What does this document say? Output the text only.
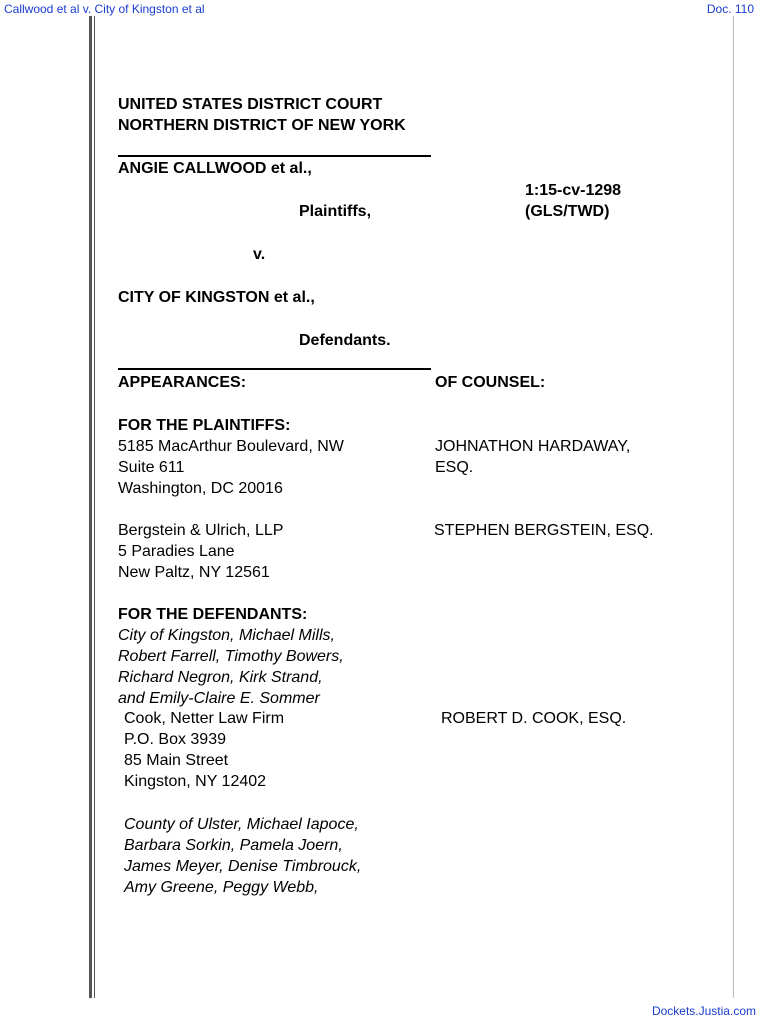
Callwood et al v. City of Kingston et al	Doc. 110
UNITED STATES DISTRICT COURT
NORTHERN DISTRICT OF NEW YORK
ANGIE CALLWOOD et al.,
1:15-cv-1298
Plaintiffs,	(GLS/TWD)
v.
CITY OF KINGSTON et al.,
Defendants.
APPEARANCES:	OF COUNSEL:
FOR THE PLAINTIFFS:
5185 MacArthur Boulevard, NW	JOHNATHON HARDAWAY,
Suite 611	ESQ.
Washington, DC 20016
Bergstein & Ulrich, LLP	STEPHEN BERGSTEIN, ESQ.
5 Paradies Lane
New Paltz, NY 12561
FOR THE DEFENDANTS:
City of Kingston, Michael Mills,
Robert Farrell, Timothy Bowers,
Richard Negron, Kirk Strand,
and Emily-Claire E. Sommer
Cook, Netter Law Firm	ROBERT D. COOK, ESQ.
P.O. Box 3939
85 Main Street
Kingston, NY 12402
County of Ulster, Michael Iapoce,
Barbara Sorkin, Pamela Joern,
James Meyer, Denise Timbrouck,
Amy Greene, Peggy Webb,
Dockets.Justia.com
